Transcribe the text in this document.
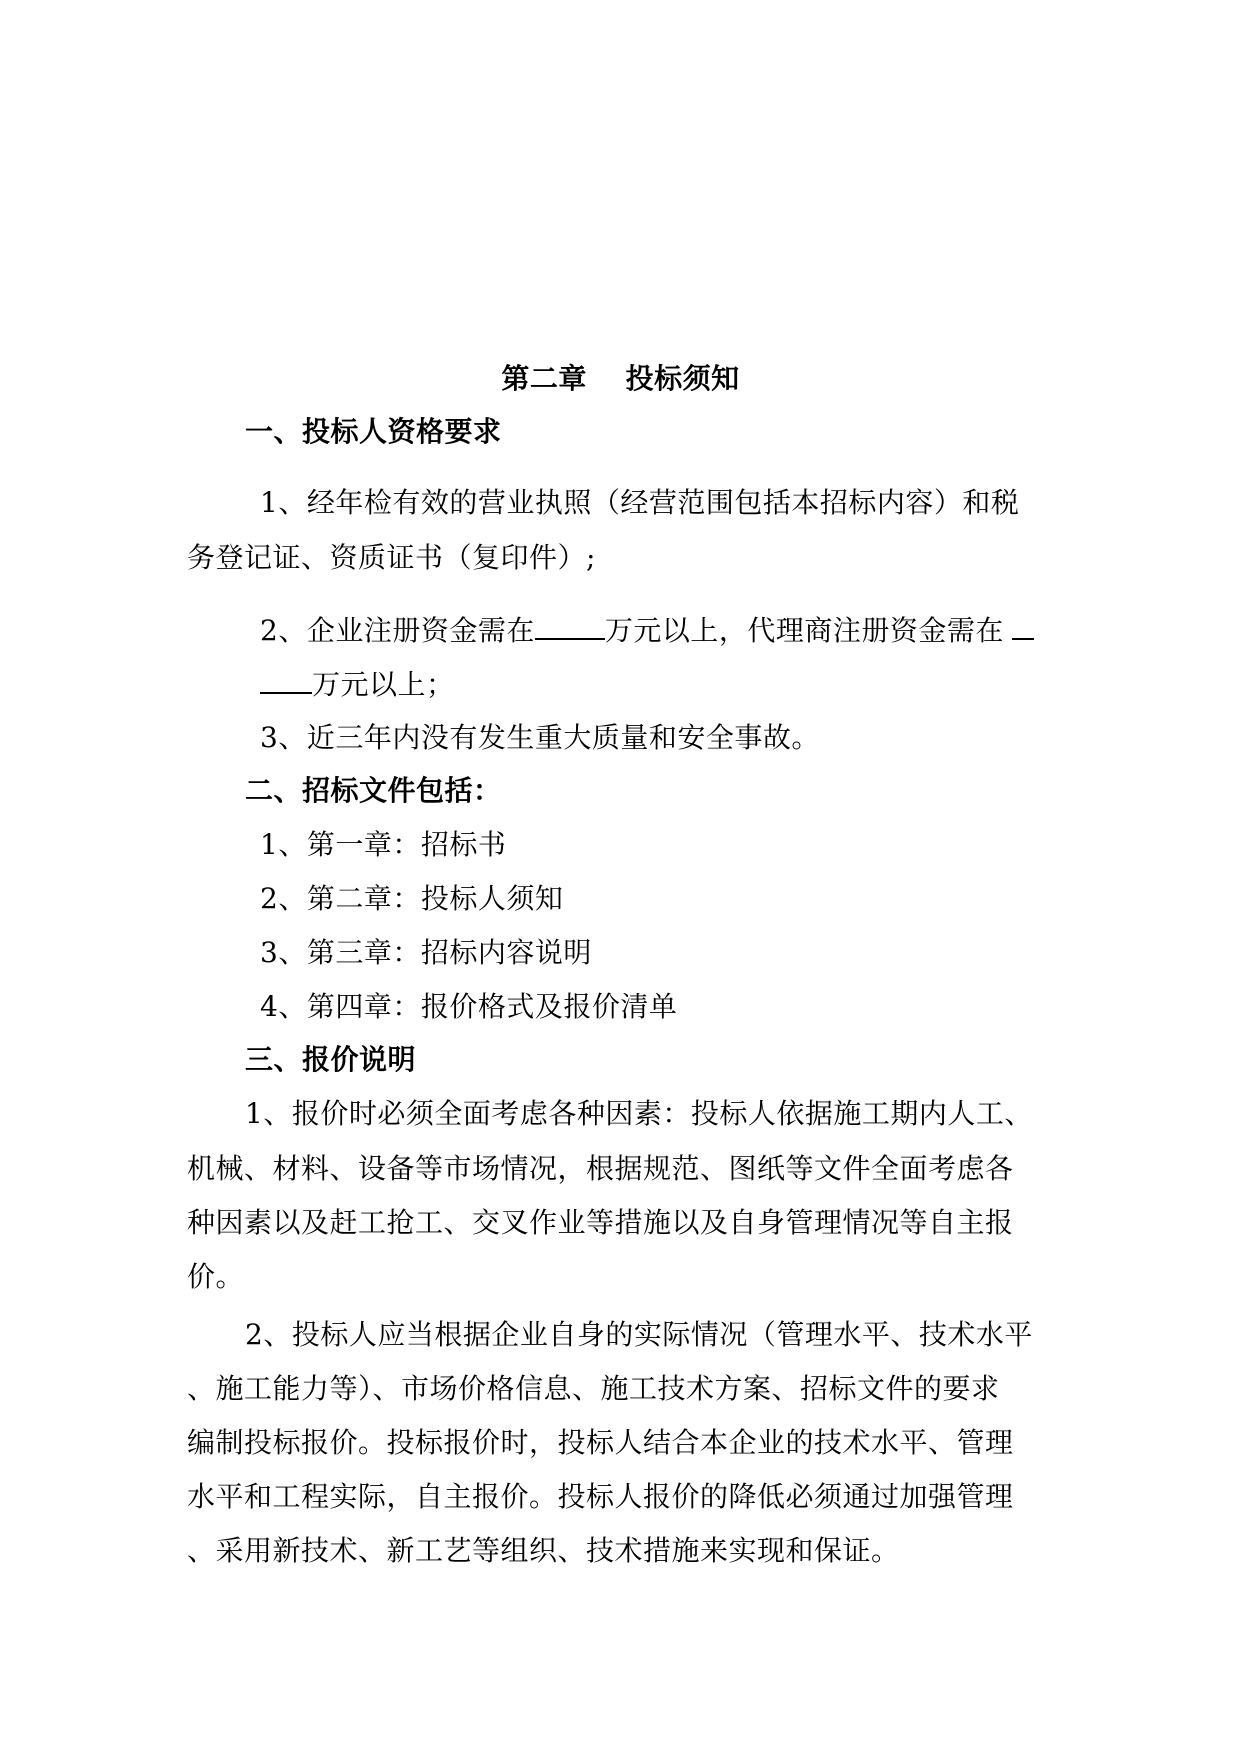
第二章　 投标须知
一、投标人资格要求
1、经年检有效的营业执照（经营范围包括本招标内容）和税
务登记证、资质证书（复印件）;
2、企业注册资金需在	万元以上，代理商注册资金需在
万元以上；
3、近三年内没有发生重大质量和安全事故。
二、招标文件包括：
1、第一章：招标书
2、第二章：投标人须知
3、第三章：招标内容说明
4、第四章：报价格式及报价清单
三、报价说明
1、报价时必须全面考虑各种因素：投标人依据施工期内人工、
机械、材料、设备等市场情况，根据规范、图纸等文件全面考虑各
种因素以及赶工抢工、交叉作业等措施以及自身管理情况等自主报
价。
2、投标人应当根据企业自身的实际情况（管理水平、技术水平
、施工能力等）、市场价格信息、施工技术方案、招标文件的要求
编制投标报价。投标报价时，投标人结合本企业的技术水平、管理
水平和工程实际，自主报价。投标人报价的降低必须通过加强管理
、采用新技术、新工艺等组织、技术措施来实现和保证。
